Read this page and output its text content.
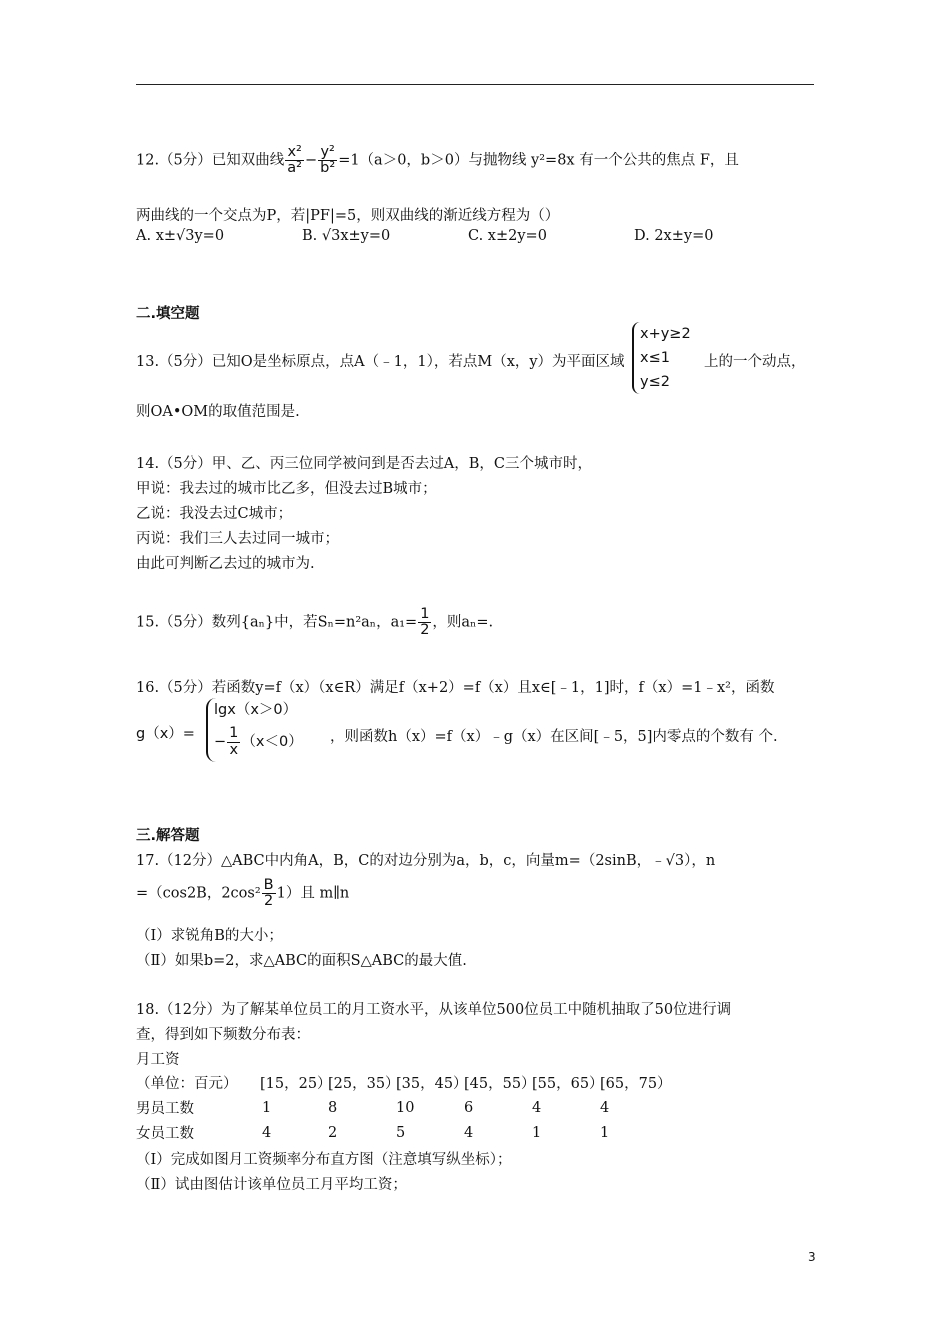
12.（5分）已知双曲线 $\frac{\text{x²}}{\text{a²}} - \frac{\text{y²}}{\text{b²}} =1(a>0$，b＞0）与抛物线 y²=8x 有一个公共的焦点 F，且
两曲线的一个交点为P，若|PF|=5，则双曲线的渐近线方程为（）
A. x±√3y=0	B. √3x±y=0	C. x±2y=0	D. 2x±y=0
二.填空题
13.（5分）已知O是坐标原点，点A（﹣1，1），若点M（x，y）为平面区域
x+y≥2
x≤1
y≤2
上的一个动点，
则OA•OM的取值范围是.
14.（5分）甲、乙、丙三位同学被问到是否去过A，B，C三个城市时，
甲说：我去过的城市比乙多，但没去过B城市；
乙说：我没去过C城市；
丙说：我们三人去过同一城市；
由此可判断乙去过的城市为.
15.（5分）数列{aₙ}中，若Sₙ=n²aₙ，$a_1= \frac{1}{2}$ ，则aₙ=.
16.（5分）若函数y=f（x）（x∈R）满足f（x+2）=f（x）且x∈[﹣1，1]时，f（x）=1﹣x²，函数
g（x）=
lgx（x＞0）
− $\frac{1}{x} (x<0)$ ，则函数h（x）=f（x）﹣g（x）在区间[﹣5，5]内零点的个数有 个.
三.解答题
17.（12分）△ABC中内角A，B，C的对边分别为a，b，c，向量m=（2sinB，﹣√3），n
=（cos2B，$2\cos^2 \frac{B}{2} 1$）且 m∥n
（Ⅰ）求锐角B的大小；
（Ⅱ）如果b=2，求△ABC的面积S△ABC的最大值.
18.（12分）为了解某单位员工的月工资水平，从该单位500位员工中随机抽取了50位进行调
查，得到如下频数分布表：
月工资
（单位：百元）	[15，25）	[25，35）	[35，45）	[45，55）	[55，65）	[65，75）
男员工数	1	8	10	6	4	4
女员工数	4	2	5	4	1	1
（Ⅰ）完成如图月工资频率分布直方图（注意填写纵坐标）；
（Ⅱ）试由图估计该单位员工月平均工资；
3
